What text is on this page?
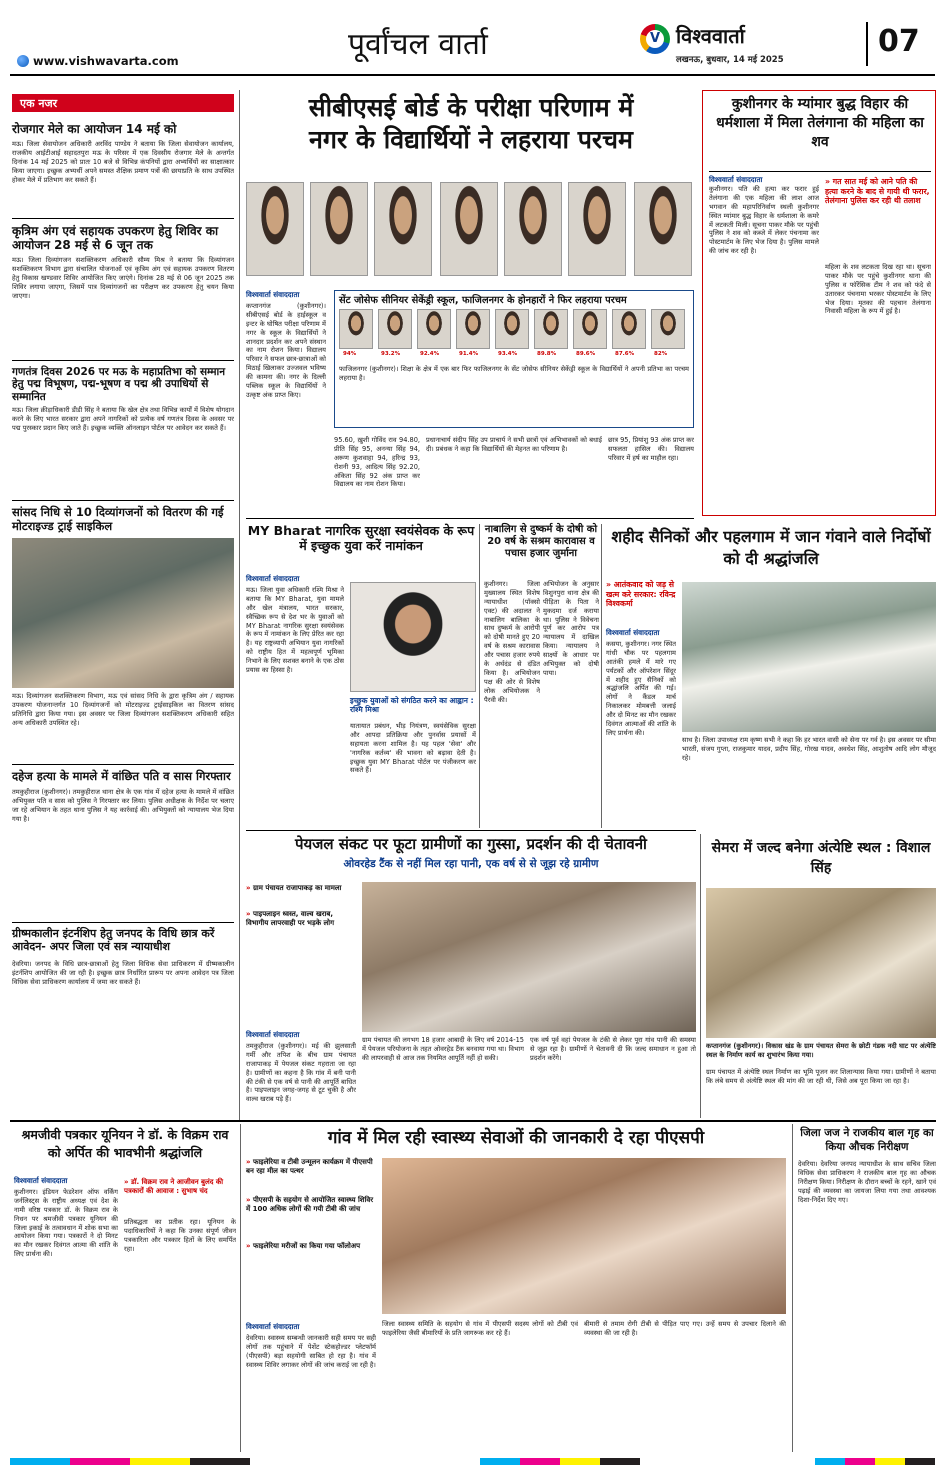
पूर्वांचल वार्ता
www.vishwavarta.com
V विश्ववार्ता
लखनऊ, बुधवार, 14 मई 2025
07
एक नजर
रोजगार मेले का आयोजन 14 मई को
मऊ। जिला सेवायोजन अधिकारी अरविंद पाण्डेय ने बताया कि जिला सेवायोजन कार्यालय, राजकीय आईटीआई सहादतपुरा मऊ के परिसर में एक दिवसीय रोजगार मेले के अन्तर्गत दिनांक 14 मई 2025 को प्रातः 10 बजे से विभिन्न कंपनियों द्वारा अभ्यर्थियों का साक्षात्कार किया जाएगा। इच्छुक अभ्यर्थी अपने समस्त शैक्षिक प्रमाण पत्रों की छायाप्रति के साथ उपस्थित होकर मेले में प्रतिभाग कर सकते हैं।
कृत्रिम अंग एवं सहायक उपकरण हेतु शिविर का आयोजन 28 मई से 6 जून तक
मऊ। जिला दिव्यांगजन सशक्तिकरण अधिकारी सौम्य मिश्र ने बताया कि दिव्यांगजन सशक्तिकरण विभाग द्वारा संचालित योजनाओं एवं कृत्रिम अंग एवं सहायक उपकरण वितरण हेतु विकास खण्डवार शिविर आयोजित किए जाएंगे। दिनांक 28 मई से 06 जून 2025 तक शिविर लगाया जाएगा, जिसमें पात्र दिव्यांगजनों का परीक्षण कर उपकरण हेतु चयन किया जाएगा।
गणतंत्र दिवस 2026 पर मऊ के महाप्रतिभा को सम्मान हेतु पद्म विभूषण, पद्म-भूषण व पद्म श्री उपाधियों से सम्मानित
मऊ। जिला क्रीड़ाधिकारी डीडी सिंह ने बताया कि खेल क्षेत्र तथा विभिन्न कार्यों में विशेष योगदान करने के लिए भारत सरकार द्वारा अपने नागरिकों को प्रत्येक वर्ष गणतंत्र दिवस के अवसर पर पद्म पुरस्कार प्रदान किए जाते हैं। इच्छुक व्यक्ति ऑनलाइन पोर्टल पर आवेदन कर सकते हैं।
सांसद निधि से 10 दिव्यांगजनों को वितरण की गई मोटराइज्ड ट्राई साइकिल
मऊ। दिव्यांगजन सशक्तिकरण विभाग, मऊ एवं सांसद निधि के द्वारा कृत्रिम अंग / सहायक उपकरण योजनान्तर्गत 10 दिव्यांगजनों को मोटराइज्ड ट्राईसाइकिल का वितरण सांसद प्रतिनिधि द्वारा किया गया। इस अवसर पर जिला दिव्यांगजन सशक्तिकरण अधिकारी सहित अन्य अधिकारी उपस्थित रहे।
दहेज हत्या के मामले में वांछित पति व सास गिरफ्तार
तमकुहीराज (कुशीनगर)। तमकुहीराज थाना क्षेत्र के एक गांव में दहेज हत्या के मामले में वांछित अभियुक्त पति व सास को पुलिस ने गिरफ्तार कर लिया। पुलिस अधीक्षक के निर्देश पर चलाए जा रहे अभियान के तहत थाना पुलिस ने यह कार्रवाई की। अभियुक्तों को न्यायालय भेज दिया गया है।
ग्रीष्मकालीन इंटर्नशिप हेतु जनपद के विधि छात्र करें आवेदन- अपर जिला एवं सत्र न्यायाधीश
देवरिया। जनपद के विधि छात्र-छात्राओं हेतु जिला विधिक सेवा प्राधिकरण में ग्रीष्मकालीन इंटर्नशिप आयोजित की जा रही है। इच्छुक छात्र निर्धारित प्रारूप पर अपना आवेदन पत्र जिला विधिक सेवा प्राधिकरण कार्यालय में जमा कर सकते हैं।
सीबीएसई बोर्ड के परीक्षा परिणाम में
नगर के विद्यार्थियों ने लहराया परचम
विश्ववार्ता संवाददाता
कप्तानगंज (कुशीनगर)। सीबीएसई बोर्ड के हाईस्कूल व इन्टर के घोषित परीक्षा परिणाम में नगर के स्कूल के विद्यार्थियों ने शानदार प्रदर्शन कर अपने संस्थान का नाम रोशन किया। विद्यालय परिवार ने सफल छात्र-छात्राओं को मिठाई खिलाकर उज्जवल भविष्य की कामना की। नगर के दिल्ली पब्लिक स्कूल के विद्यार्थियों ने उत्कृष्ट अंक प्राप्त किए।
सेंट जोसेफ सीनियर सेकेंड्री स्कूल, फाजिलनगर के होनहारों ने फिर लहराया परचम
94%	93.2%	92.4%	91.4%	93.4%	89.8%	89.6%	87.6%	82%
फाजिलनगर (कुशीनगर)। शिक्षा के क्षेत्र में एक बार फिर फाजिलनगर के सेंट जोसेफ सीनियर सेकेंड्री स्कूल के विद्यार्थियों ने अपनी प्रतिभा का परचम लहराया है।
95.60, ख़ुशी गोविंद राव 94.80, प्रीति सिंह 95, अनन्या सिंह 94, अरूण कुशवाहा 94, हरिन्द्र 93, रोशनी 93, आदित्य सिंह 92.20, अंकिता सिंह 92 अंक प्राप्त कर विद्यालय का नाम रोशन किया।
प्रधानाचार्य संदीप सिंह उप प्राचार्य ने सभी छात्रों एवं अभिभावकों को बधाई दी। प्रबंधक ने कहा कि विद्यार्थियों की मेहनत का परिणाम है।
छात्र 95, प्रियांशु 93 अंक प्राप्त कर सफलता हासिल की। विद्यालय परिवार में हर्ष का माहौल रहा।
कुशीनगर के म्यांमार बुद्ध विहार की धर्मशाला में मिला तेलंगाना की महिला का शव
विश्ववार्ता संवाददाता
कुशीनगर। पति की हत्या कर फरार हुई तेलंगाना की एक महिला की लाश आज भगवान की महापरिनिर्वाण स्थली कुशीनगर स्थित म्यांमार बुद्ध विहार के धर्मशाला के कमरे में लटकती मिली। सूचना पाकर मौके पर पहुंची पुलिस ने शव को कब्जे में लेकर पंचनामा कर पोस्टमार्टम के लिए भेज दिया है। पुलिस मामले की जांच कर रही है।
» गत सात मई को आने पति की हत्या करने के बाद से गायी थी फरार, तेलंगाना पुलिस कर रही थी तलाश
महिला के शव लटकता दिख रहा था। सूचना पाकर मौके पर पहुंचे कुशीनगर थाना की पुलिस व फॉरेंसिक टीम ने शव को फंदे से उतारकर पंचनामा भरकर पोस्टमार्टम के लिए भेज दिया। मृतका की पहचान तेलंगाना निवासी महिला के रूप में हुई है।
MY Bharat नागरिक सुरक्षा स्वयंसेवक के रूप में इच्छुक युवा करें नामांकन
विश्ववार्ता संवाददाता
मऊ। जिला युवा अधिकारी रश्मि मिश्रा ने बताया कि MY Bharat, युवा मामले और खेल मंत्रालय, भारत सरकार, स्वैच्छिक रूप से देश भर के युवाओं को MY Bharat नागरिक सुरक्षा स्वयंसेवक के रूप में नामांकन के लिए प्रेरित कर रहा है। यह राष्ट्रव्यापी अभियान युवा नागरिकों को राष्ट्रीय हित में महत्वपूर्ण भूमिका निभाने के लिए सशक्त बनाने के एक ठोस प्रयास का हिस्सा है।
इच्छुक युवाओं को संगठित करने का आह्वान : रश्मि मिश्रा
यातायात प्रबंधन, भीड़ नियंत्रण, स्वयंसेविक सुरक्षा और आपदा प्रतिक्रिया और पुनर्वास प्रयासों में सहायता करना शामिल है। यह पहल 'सेवा' और 'नागरिक कर्तव्य' की भावना को बढ़ावा देती है। इच्छुक युवा MY Bharat पोर्टल पर पंजीकरण कर सकते हैं।
नाबालिग से दुष्कर्म के दोषी को 20 वर्ष के सश्रम कारावास व पचास हजार जुर्माना
कुशीनगर। जिला मुख्यालय स्थित विशेष न्यायाधीश (पॉक्सो एक्ट) की अदालत ने नाबालिग बालिका के साथ दुष्कर्म के आरोपी को दोषी मानते हुए 20 वर्ष के सश्रम कारावास और पचास हजार रुपये के अर्थदंड से दंडित किया है। अभियोजन पक्ष की ओर से विशेष लोक अभियोजक ने पैरवी की।
अभियोजन के अनुसार विशुनपुरा थाना क्षेत्र की पीड़िता के पिता ने मुकदमा दर्ज कराया था। पुलिस ने विवेचना पूर्ण कर आरोप पत्र न्यायालय में दाखिल किया। न्यायालय ने साक्ष्यों के आधार पर अभियुक्त को दोषी पाया।
शहीद सैनिकों और पहलगाम में जान गंवाने वाले निर्दोषों को दी श्रद्धांजलि
» आतंकवाद को जड़ से खत्म करे सरकार: रविन्द्र विश्वकर्मा
विश्ववार्ता संवाददाता
कसया, कुशीनगर। नगर स्थित गांधी चौक पर पहलगाम आतंकी हमले में मारे गए पर्यटकों और ऑपरेशन सिंदूर में शहीद हुए सैनिकों को श्रद्धांजलि अर्पित की गई। लोगों ने कैंडल मार्च निकालकर मोमबत्ती जलाई और दो मिनट का मौन रखकर दिवंगत आत्माओं की शांति के लिए प्रार्थना की।
साथ है। जिला उपाध्यक्ष राम कृष्ण सभी ने कहा कि हर भारत वासी को सेना पर गर्व है। इस अवसर पर सीमा भारती, संजय गुप्ता, राजकुमार यादव, प्रदीप सिंह, गोरख यादव, अवधेश सिंह, आशुतोष आदि लोग मौजूद रहे।
पेयजल संकट पर फूटा ग्रामीणों का गुस्सा, प्रदर्शन की दी चेतावनी
ओवरहेड टैंक से नहीं मिल रहा पानी, एक वर्ष से से जूझ रहे ग्रामीण
» ग्राम पंचायत राजापाकड़ का मामला
» पाइपलाइन ध्वस्त, वाल्व खराब, विभागीय लापरवाही पर भड़के लोग
विश्ववार्ता संवाददाता
तमकुहीराज (कुशीनगर)। मई की झुलसाती गर्मी और तपिश के बीच ग्राम पंचायत राजापाकड़ में पेयजल संकट गहराता जा रहा है। ग्रामीणों का कहना है कि गांव में बनी पानी की टंकी से एक वर्ष से पानी की आपूर्ति बाधित है। पाइपलाइन जगह-जगह से टूट चुकी है और वाल्व खराब पड़े हैं।
ग्राम पंचायत की लगभग 18 हजार आबादी के लिए वर्ष 2014-15 में पेयजल परियोजना के तहत ओवरहेड टैंक बनवाया गया था। विभाग की लापरवाही से आज तक नियमित आपूर्ति नहीं हो सकी।
एक वर्ष पूर्व वहां पेयजल के टंकी से लेकर पूरा गांव पानी की समस्या से जूझ रहा है। ग्रामीणों ने चेतावनी दी कि जल्द समाधान न हुआ तो प्रदर्शन करेंगे।
सेमरा में जल्द बनेगा अंत्येष्टि स्थल : विशाल सिंह
कप्तानगंज (कुशीनगर)। विकास खंड के ग्राम पंचायत सेमरा के छोटी गंडक नदी घाट पर अंत्येष्टि स्थल के निर्माण कार्य का शुभारंभ किया गया।
ग्राम पंचायत में अंत्येष्टि स्थल निर्माण का भूमि पूजन कर शिलान्यास किया गया। ग्रामीणों ने बताया कि लंबे समय से अंत्येष्टि स्थल की मांग की जा रही थी, जिसे अब पूरा किया जा रहा है।
श्रमजीवी पत्रकार यूनियन ने डॉ. के विक्रम राव को अर्पित की भावभीनी श्रद्धांजलि
विश्ववार्ता संवाददाता
कुशीनगर। इंडियन फेडरेशन ऑफ वर्किंग जर्नलिस्ट्स के राष्ट्रीय अध्यक्ष एवं देश के नामी वरिष्ठ पत्रकार डॉ. के विक्रम राव के निधन पर श्रमजीवी पत्रकार यूनियन की जिला इकाई के तत्वावधान में शोक सभा का आयोजन किया गया। पत्रकारों ने दो मिनट का मौन रखकर दिवंगत आत्मा की शांति के लिए प्रार्थना की।
» डॉ. विक्रम राव ने आजीवन बुलंद की पत्रकारों की आवाज : सुभाष चंद
प्रतिबद्धता का प्रतीक रहा। यूनियन के पदाधिकारियों ने कहा कि उनका संपूर्ण जीवन पत्रकारिता और पत्रकार हितों के लिए समर्पित रहा।
गांव में मिल रही स्वास्थ्य सेवाओं की जानकारी दे रहा पीएसपी
» फाइलेरिया व टीबी उन्मूलन कार्यक्रम में पीएसपी बन रहा मील का पत्थर
» पीएसपी के सहयोग से आयोजित स्वास्थ्य शिविर में 100 अधिक लोगों की गयी टीबी की जांच
» फाइलेरिया मरीजों का किया गया फॉलोअप
विश्ववार्ता संवाददाता
देवरिया। स्वास्थ्य सम्बन्धी जानकारी सही समय पर सही लोगों तक पहुंचाने में पेशेंट स्टेकहोल्डर प्लेटफॉर्म (पीएसपी) बड़ा सहयोगी साबित हो रहा है। गांव में स्वास्थ्य शिविर लगाकर लोगों की जांच कराई जा रही है।
जिला स्वास्थ्य समिति के सहयोग से गांव में पीएसपी सदस्य लोगों को टीबी एवं फाइलेरिया जैसी बीमारियों के प्रति जागरूक कर रहे हैं।
बीमारी से तमाम रोगी टीबी से पीड़ित पाए गए। उन्हें समय से उपचार दिलाने की व्यवस्था की जा रही है।
जिला जज ने राजकीय बाल गृह का किया औचक निरीक्षण
देवरिया। देवरिया जनपद न्यायाधीश के साथ सचिव जिला विधिक सेवा प्राधिकरण ने राजकीय बाल गृह का औचक निरीक्षण किया। निरीक्षण के दौरान बच्चों के रहने, खाने एवं पढ़ाई की व्यवस्था का जायजा लिया गया तथा आवश्यक दिशा-निर्देश दिए गए।
